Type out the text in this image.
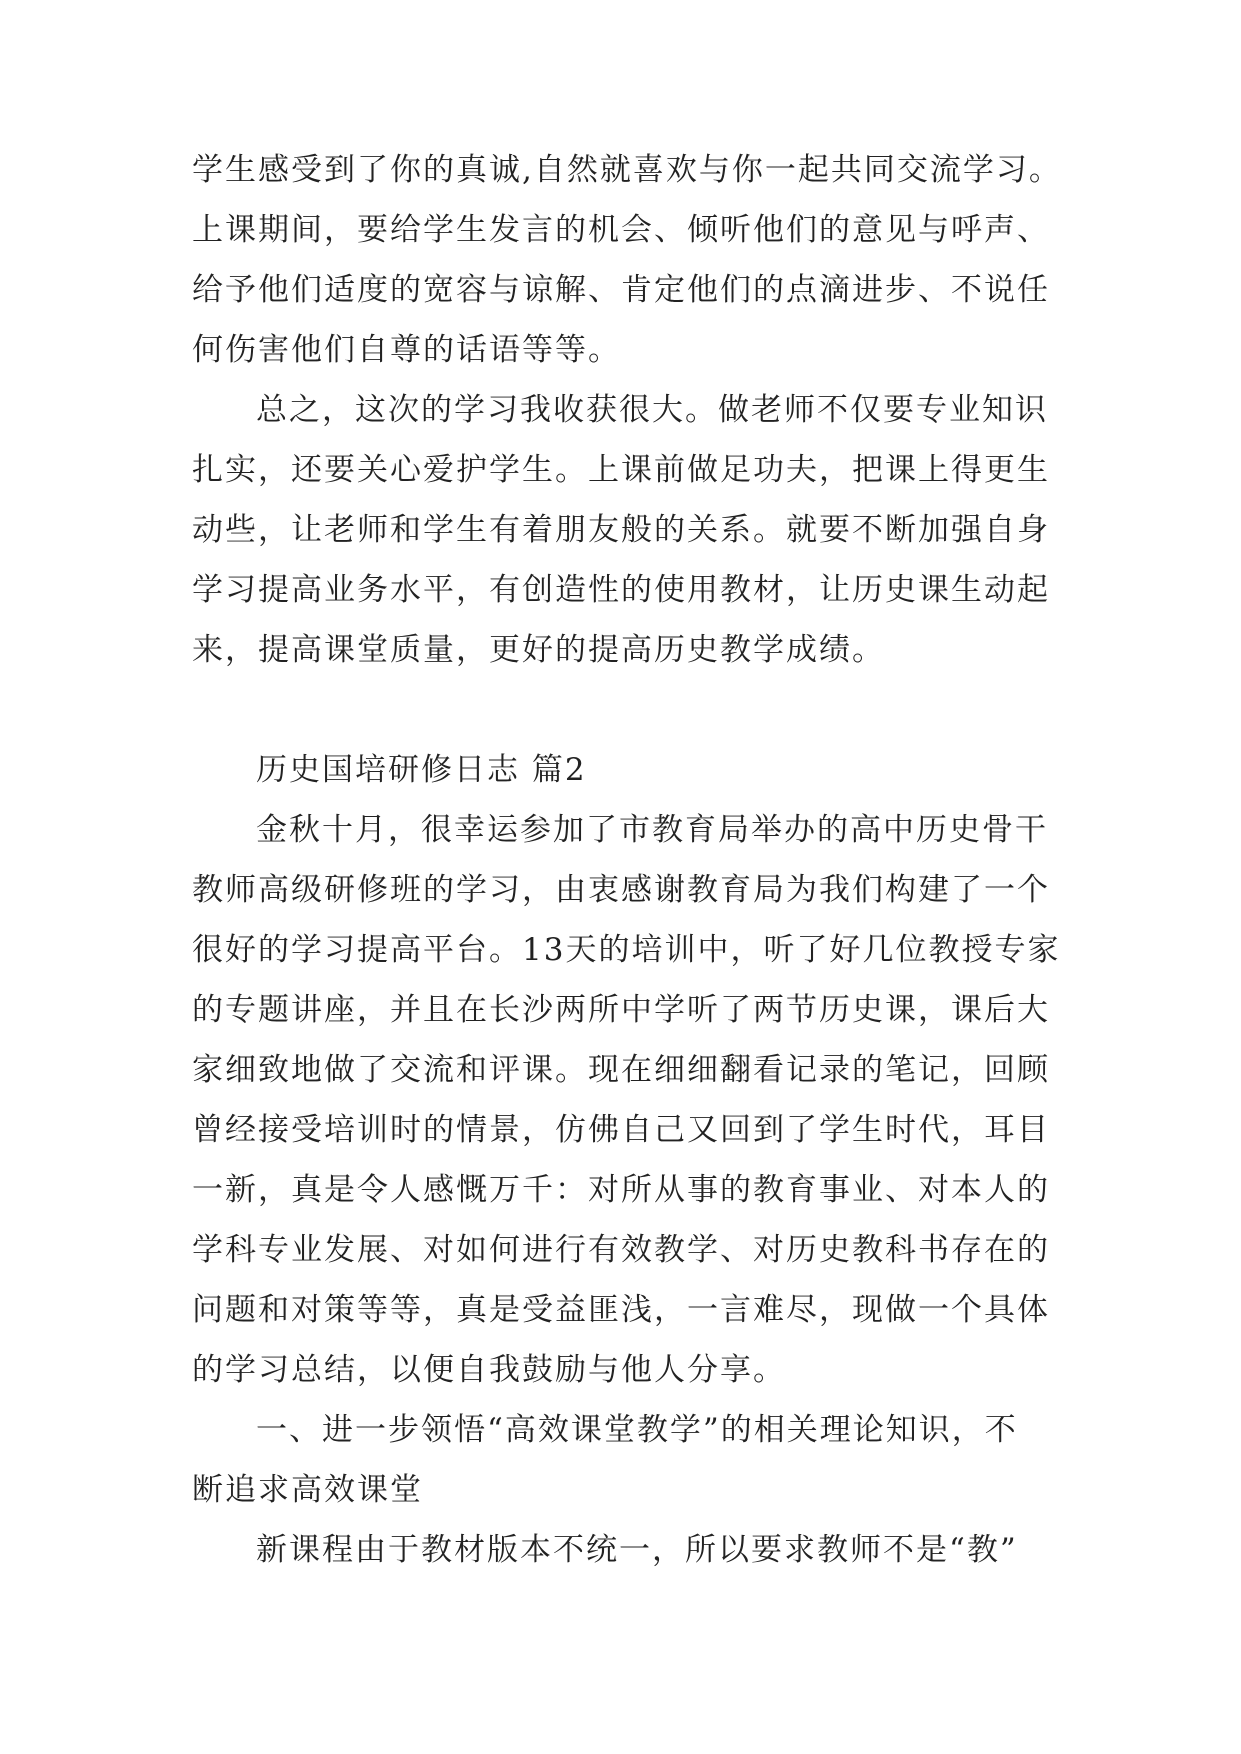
学生感受到了你的真诚,自然就喜欢与你一起共同交流学习。
上课期间，要给学生发言的机会、倾听他们的意见与呼声、
给予他们适度的宽容与谅解、肯定他们的点滴进步、不说任
何伤害他们自尊的话语等等。
总之，这次的学习我收获很大。做老师不仅要专业知识
扎实，还要关心爱护学生。上课前做足功夫，把课上得更生
动些，让老师和学生有着朋友般的关系。就要不断加强自身
学习提高业务水平，有创造性的使用教材，让历史课生动起
来，提高课堂质量，更好的提高历史教学成绩。
历史国培研修日志 篇2
金秋十月，很幸运参加了市教育局举办的高中历史骨干
教师高级研修班的学习，由衷感谢教育局为我们构建了一个
很好的学习提高平台。13天的培训中，听了好几位教授专家
的专题讲座，并且在长沙两所中学听了两节历史课，课后大
家细致地做了交流和评课。现在细细翻看记录的笔记，回顾
曾经接受培训时的情景，仿佛自己又回到了学生时代，耳目
一新，真是令人感慨万千：对所从事的教育事业、对本人的
学科专业发展、对如何进行有效教学、对历史教科书存在的
问题和对策等等，真是受益匪浅，一言难尽，现做一个具体
的学习总结，以便自我鼓励与他人分享。
一、进一步领悟“高效课堂教学”的相关理论知识，不
断追求高效课堂
新课程由于教材版本不统一，所以要求教师不是“教”
